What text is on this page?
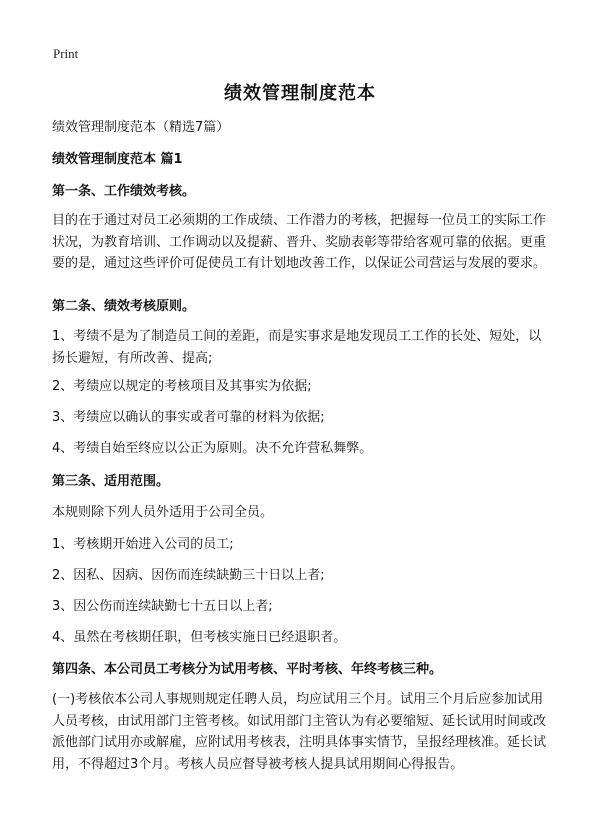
Print
绩效管理制度范本
绩效管理制度范本（精选7篇）
绩效管理制度范本 篇1
第一条、工作绩效考核。
目的在于通过对员工必须期的工作成绩、工作潜力的考核，把握每一位员工的实际工作状况，为教育培训、工作调动以及提薪、晋升、奖励表彰等带给客观可靠的依据。更重要的是，通过这些评价可促使员工有计划地改善工作，以保证公司营运与发展的要求。
第二条、绩效考核原则。
1、考绩不是为了制造员工间的差距，而是实事求是地发现员工工作的长处、短处，以扬长避短，有所改善、提高;
2、考绩应以规定的考核项目及其事实为依据;
3、考绩应以确认的事实或者可靠的材料为依据;
4、考绩自始至终应以公正为原则。决不允许营私舞弊。
第三条、适用范围。
本规则除下列人员外适用于公司全员。
1、考核期开始进入公司的员工;
2、因私、因病、因伤而连续缺勤三十日以上者;
3、因公伤而连续缺勤七十五日以上者;
4、虽然在考核期任职，但考核实施日已经退职者。
第四条、本公司员工考核分为试用考核、平时考核、年终考核三种。
(一)考核依本公司人事规则规定任聘人员，均应试用三个月。试用三个月后应参加试用人员考核，由试用部门主管考核。如试用部门主管认为有必要缩短、延长试用时间或改派他部门试用亦或解雇，应附试用考核表，注明具体事实情节，呈报经理核准。延长试用，不得超过3个月。考核人员应督导被考核人提具试用期间心得报告。
